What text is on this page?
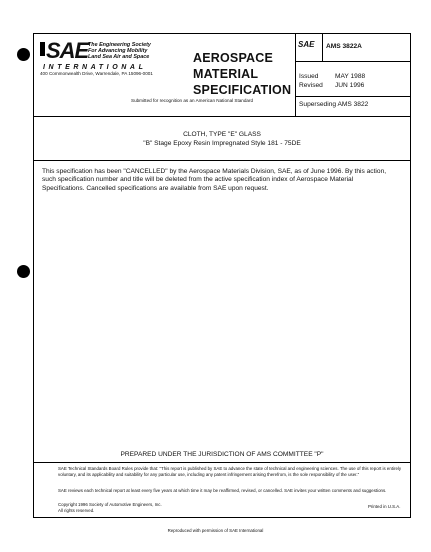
SAE The Engineering Society
For Advancing Mobility
Land Sea Air and Space
INTERNATIONAL
400 Commonwealth Drive, Warrendale, PA 15096-0001
AEROSPACE
MATERIAL
SPECIFICATION
Submitted for recognition as an American National Standard
SAE AMS 3822A
Issued	MAY 1988
Revised JUN 1996
Superseding AMS 3822
CLOTH, TYPE "E" GLASS
"B" Stage Epoxy Resin Impregnated Style 181 - 75DE
This specification has been "CANCELLED" by the Aerospace Materials Division, SAE, as of June 1996. By this action, such specification number and title will be deleted from the active specification index of Aerospace Material Specifications. Cancelled specifications are available from SAE upon request.
PREPARED UNDER THE JURISDICTION OF AMS COMMITTEE "P"
SAE Technical Standards Board Rules provide that: "This report is published by SAE to advance the state of technical and engineering sciences. The use of this report is entirely voluntary, and its applicability and suitability for any particular use, including any patent infringement arising therefrom, is the sole responsibility of the user."
SAE reviews each technical report at least every five years at which time it may be reaffirmed, revised, or cancelled. SAE invites your written comments and suggestions.
Copyright 1996 Society of Automotive Engineers, Inc.
All rights reserved.
Printed in U.S.A.
Reproduced with permission of SAE International
